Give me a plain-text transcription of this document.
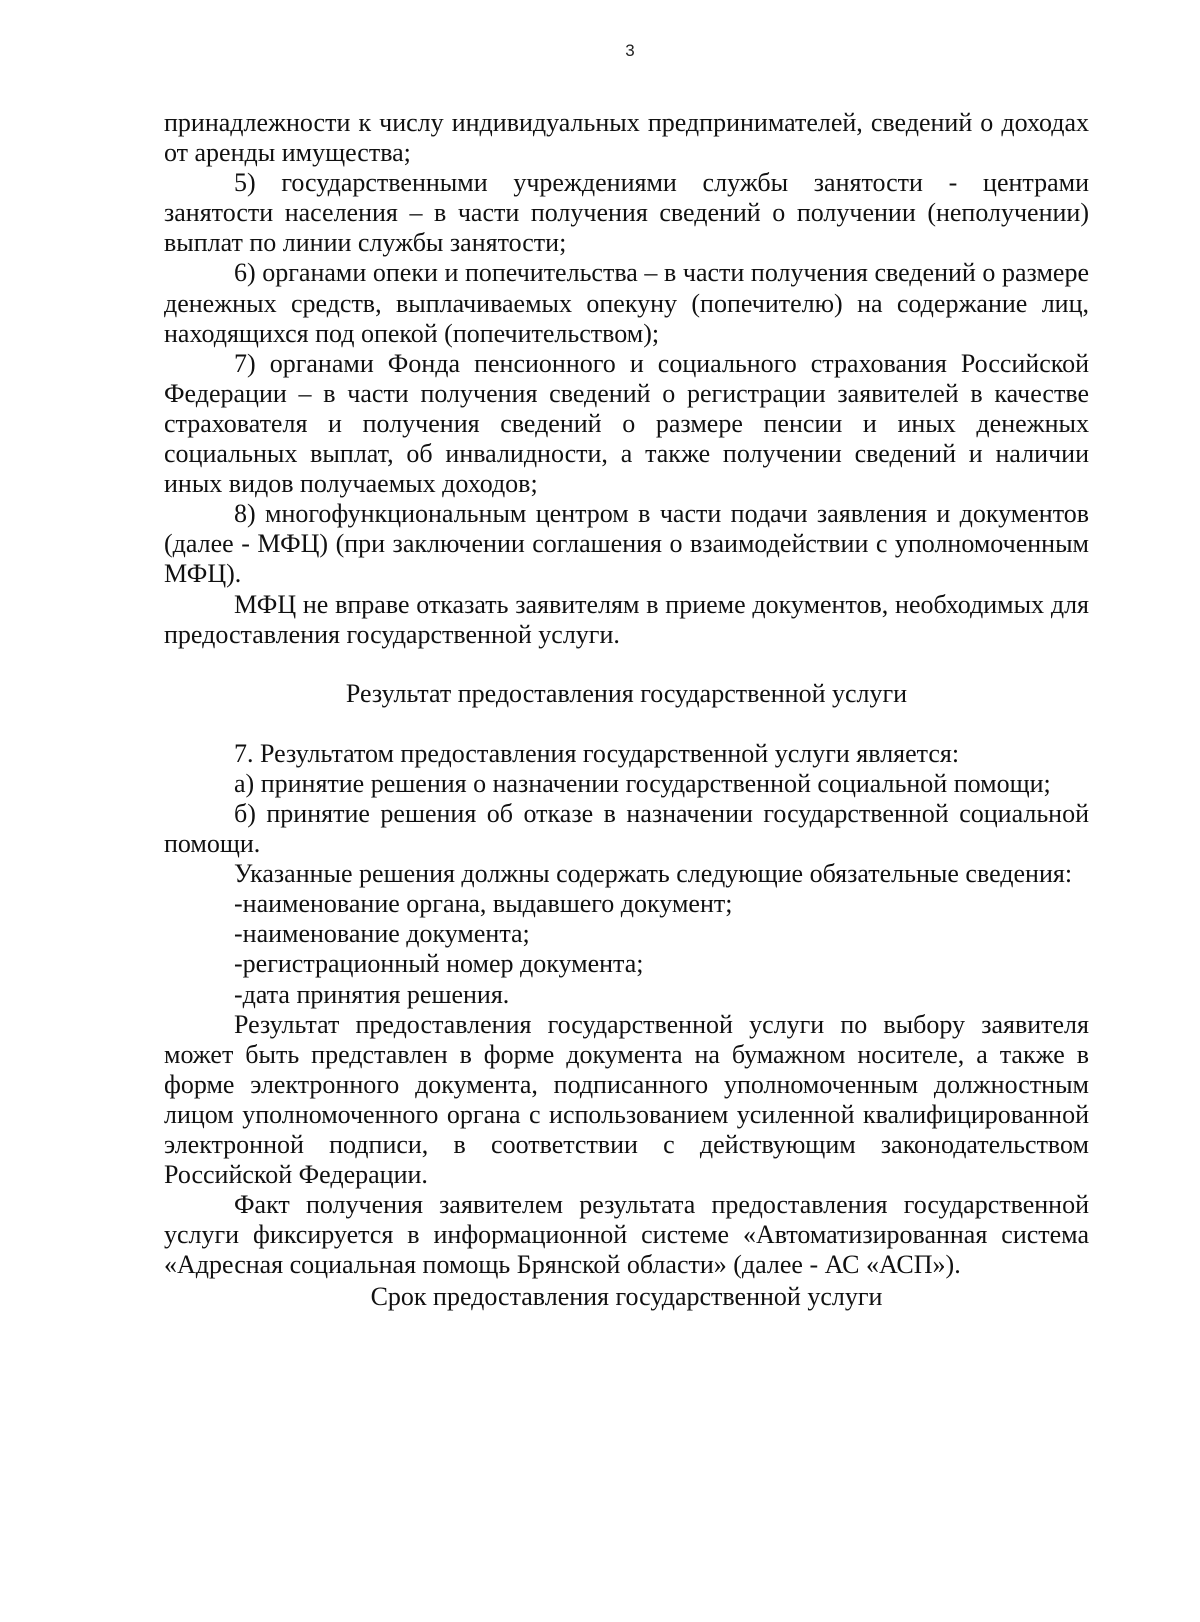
3

принадлежности к числу индивидуальных предпринимателей, сведений о доходах от аренды имущества;

5) государственными учреждениями службы занятости - центрами занятости населения – в части получения сведений о получении (неполучении) выплат по линии службы занятости;

6) органами опеки и попечительства – в части получения сведений о размере денежных средств, выплачиваемых опекуну (попечителю) на содержание лиц, находящихся под опекой (попечительством);

7) органами Фонда пенсионного и социального страхования Российской Федерации – в части получения сведений о регистрации заявителей в качестве страхователя и получения сведений о размере пенсии и иных денежных социальных выплат, об инвалидности, а также получении сведений и наличии иных видов получаемых доходов;

8) многофункциональным центром в части подачи заявления и документов (далее - МФЦ) (при заключении соглашения о взаимодействии с уполномоченным МФЦ).

МФЦ не вправе отказать заявителям в приеме документов, необходимых для предоставления государственной услуги.

Результат предоставления государственной услуги

7. Результатом предоставления государственной услуги является:

а) принятие решения о назначении государственной социальной помощи;

б) принятие решения об отказе в назначении государственной социальной помощи.

Указанные решения должны содержать следующие обязательные сведения:

-наименование органа, выдавшего документ;

-наименование документа;

-регистрационный номер документа;

-дата принятия решения.

Результат предоставления государственной услуги по выбору заявителя может быть представлен в форме документа на бумажном носителе, а также в форме электронного документа, подписанного уполномоченным должностным лицом уполномоченного органа с использованием усиленной квалифицированной электронной подписи, в соответствии с действующим законодательством Российской Федерации.

Факт получения заявителем результата предоставления государственной услуги фиксируется в информационной системе «Автоматизированная система «Адресная социальная помощь Брянской области» (далее - АС «АСП»).

Срок предоставления государственной услуги
